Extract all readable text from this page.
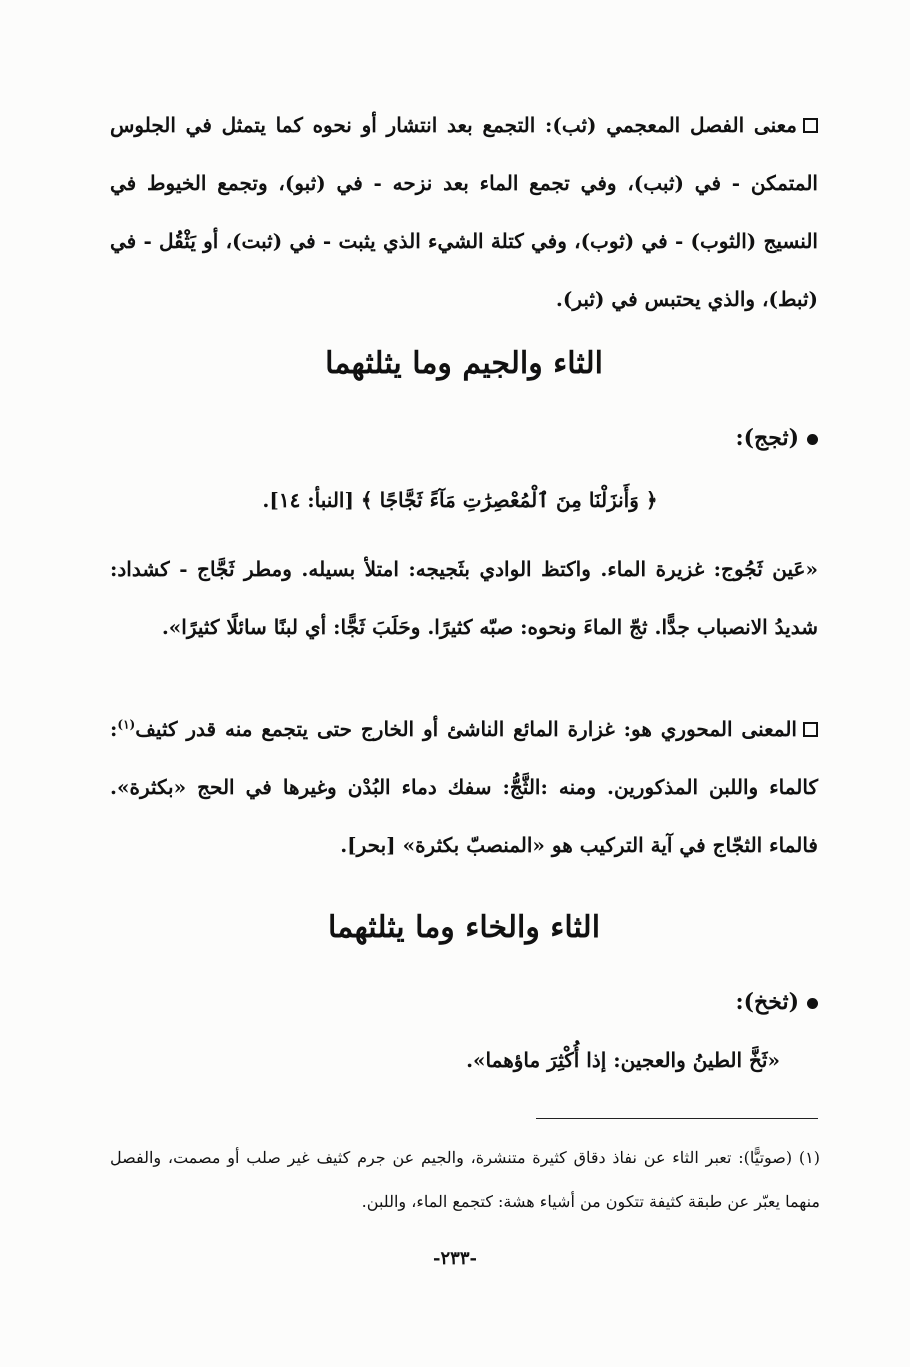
معنى الفصل المعجمي (ثب): التجمع بعد انتشار أو نحوه كما يتمثل في الجلوس المتمكن - في (ثبب)، وفي تجمع الماء بعد نزحه - في (ثبو)، وتجمع الخيوط في النسيج (الثوب) - في (ثوب)، وفي كتلة الشيء الذي يثبت - في (ثبت)، أو يَثْقُل - في (ثبط)، والذي يحتبس في (ثبر).
الثاء والجيم وما يثلثهما
(ثجج):
﴿ وَأَنزَلْنَا مِنَ ٱلْمُعْصِرَٰتِ مَآءً ثَجَّاجًا ﴾ [النبأ: ١٤].
«عَين ثَجُوج: غزيرة الماء. واكتظ الوادي بثَجيجه: امتلأ بسيله. ومطر ثَجَّاج - كشداد: شديدُ الانصباب جدًّا. ثجّ الماءَ ونحوه: صبّه كثيرًا. وحَلَبَ ثَجًّا: أي لبنًا سائلًا كثيرًا».
المعنى المحوري هو: غزارة المائع الناشئ أو الخارج حتى يتجمع منه قدر كثيف$^{(١)}$: كالماء واللبن المذكورين. ومنه :الثَّجُّ: سفك دماء البُدْن وغيرها في الحج «بكثرة». فالماء الثجّاج في آية التركيب هو «المنصبّ بكثرة» [بحر].
الثاء والخاء وما يثلثهما
(ثخخ):
«ثَخَّ الطينُ والعجين: إذا أُكْثِرَ ماؤهما».
(١) (صوتيًّا): تعبر الثاء عن نفاذ دقاق كثيرة متنشرة، والجيم عن جرم كثيف غير صلب أو مصمت، والفصل منهما يعبّر عن طبقة كثيفة تتكون من أشياء هشة: كتجمع الماء، واللبن.
-٢٣٣-
